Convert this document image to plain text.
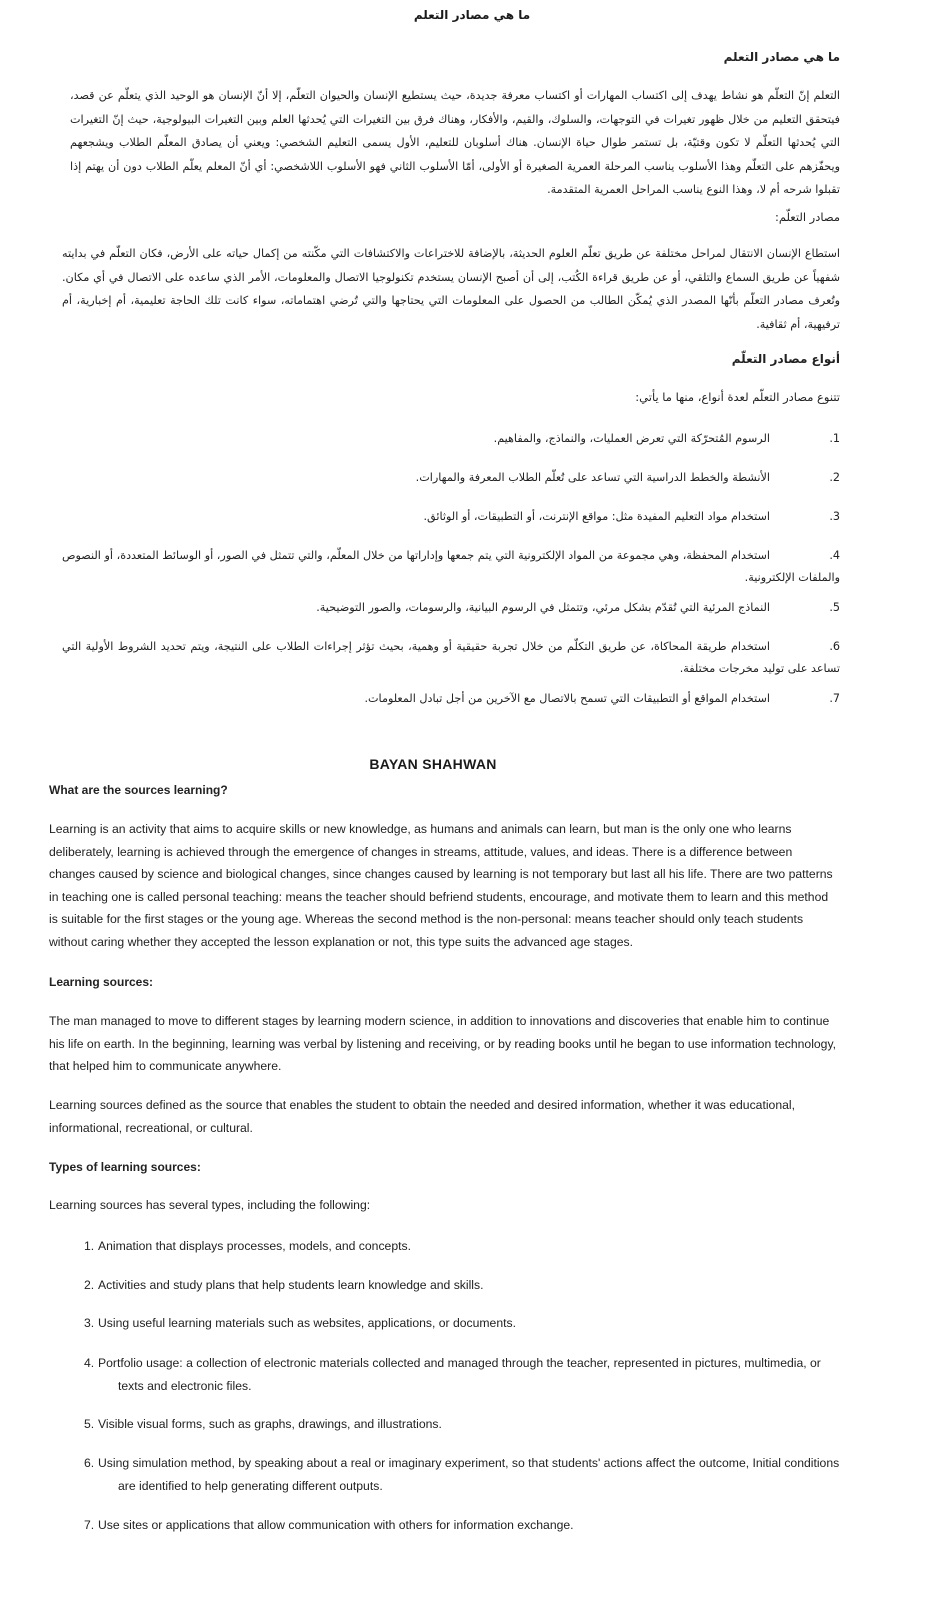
ما هي مصادر التعلم
ما هي مصادر التعلم
التعلم إنّ التعلّم هو نشاط يهدف إلى اكتساب المهارات أو اكتساب معرفة جديدة، حيث يستطيع الإنسان والحيوان التعلّم، إلا أنّ الإنسان هو الوحيد الذي يتعلّم عن قصد، فيتحقق التعليم من خلال ظهور تغيرات في التوجهات، والسلوك، والقيم، والأفكار، وهناك فرق بين التغيرات التي يُحدثها العلم وبين التغيرات البيولوجية، حيث إنّ التغيرات التي يُحدثها التعلّم لا تكون وقتيّة، بل تستمر طوال حياة الإنسان. هناك أسلوبان للتعليم، الأول يسمى التعليم الشخصي: ويعني أن يصادق المعلّم الطلاب ويشجعهم ويحفّزهم على التعلّم وهذا الأسلوب يناسب المرحلة العمرية الصغيرة أو الأولى، أمّا الأسلوب الثاني فهو الأسلوب اللاشخصي: أي أنّ المعلم يعلّم الطلاب دون أن يهتم إذا تقبلوا شرحه أم لا، وهذا النوع يناسب المراحل العمرية المتقدمة.
مصادر التعلّم:
استطاع الإنسان الانتقال لمراحل مختلفة عن طريق تعلّم العلوم الحديثة، بالإضافة للاختراعات والاكتشافات التي مكّنته من إكمال حياته على الأرض، فكان التعلّم في بدايته شفهياً عن طريق السماع والتلقي، أو عن طريق قراءة الكُتب، إلى أن أصبح الإنسان يستخدم تكنولوجيا الاتصال والمعلومات، الأمر الذي ساعده على الاتصال في أي مكان. وتُعرف مصادر التعلّم بأنّها المصدر الذي يُمكّن الطالب من الحصول على المعلومات التي يحتاجها والتي تُرضي اهتماماته، سواء كانت تلك الحاجة تعليمية، أم إخبارية، أم ترفيهية، أم ثقافية.
أنواع مصادر التعلّم
تتنوع مصادر التعلّم لعدة أنواع، منها ما يأتي:
.1
الرسوم المُتحرّكة التي تعرض العمليات، والنماذج، والمفاهيم.
.2
الأنشطة والخطط الدراسية التي تساعد على تُعلّم الطلاب المعرفة والمهارات.
.3
استخدام مواد التعليم المفيدة مثل: مواقع الإنترنت، أو التطبيقات، أو الوثائق.
.4
استخدام المحفظة، وهي مجموعة من المواد الإلكترونية التي يتم جمعها وإداراتها من خلال المعلّم، والتي تتمثل في الصور، أو الوسائط المتعددة، أو النصوص والملفات الإلكترونية.
.5
النماذج المرئية التي تُقدّم بشكل مرئي، وتتمثل في الرسوم البيانية، والرسومات، والصور التوضيحية.
.6
استخدام طريقة المحاكاة، عن طريق التكلّم من خلال تجربة حقيقية أو وهمية، بحيث تؤثر إجراءات الطلاب على النتيجة، ويتم تحديد الشروط الأولية التي تساعد على توليد مخرجات مختلفة.
.7
استخدام المواقع أو التطبيقات التي تسمح بالاتصال مع الآخرين من أجل تبادل المعلومات.
BAYAN SHAHWAN
What are the sources learning?
Learning is an activity that aims to acquire skills or new knowledge, as humans and animals can learn, but man is the only one who learns deliberately, learning is achieved through the emergence of changes in streams, attitude, values, and ideas. There is a difference between changes caused by science and biological changes, since changes caused by learning is not temporary but last all his life. There are two patterns in teaching one is called personal teaching: means the teacher should befriend students, encourage, and motivate them to learn and this method is suitable for the first stages or the young age. Whereas the second method is the non-personal: means teacher should only teach students without caring whether they accepted the lesson explanation or not, this type suits the advanced age stages.
Learning sources:
The man managed to move to different stages by learning modern science, in addition to innovations and discoveries that enable him to continue his life on earth. In the beginning, learning was verbal by listening and receiving, or by reading books until he began to use information technology, that helped him to communicate anywhere.
Learning sources defined as the source that enables the student to obtain the needed and desired information, whether it was educational, informational, recreational, or cultural.
Types of learning sources:
Learning sources has several types, including the following:
1. Animation that displays processes, models, and concepts.
2. Activities and study plans that help students learn knowledge and skills.
3. Using useful learning materials such as websites, applications, or documents.
4. Portfolio usage: a collection of electronic materials collected and managed through the teacher, represented in pictures, multimedia, or texts and electronic files.
5. Visible visual forms, such as graphs, drawings, and illustrations.
6. Using simulation method, by speaking about a real or imaginary experiment, so that students' actions affect the outcome, Initial conditions are identified to help generating different outputs.
7. Use sites or applications that allow communication with others for information exchange.
